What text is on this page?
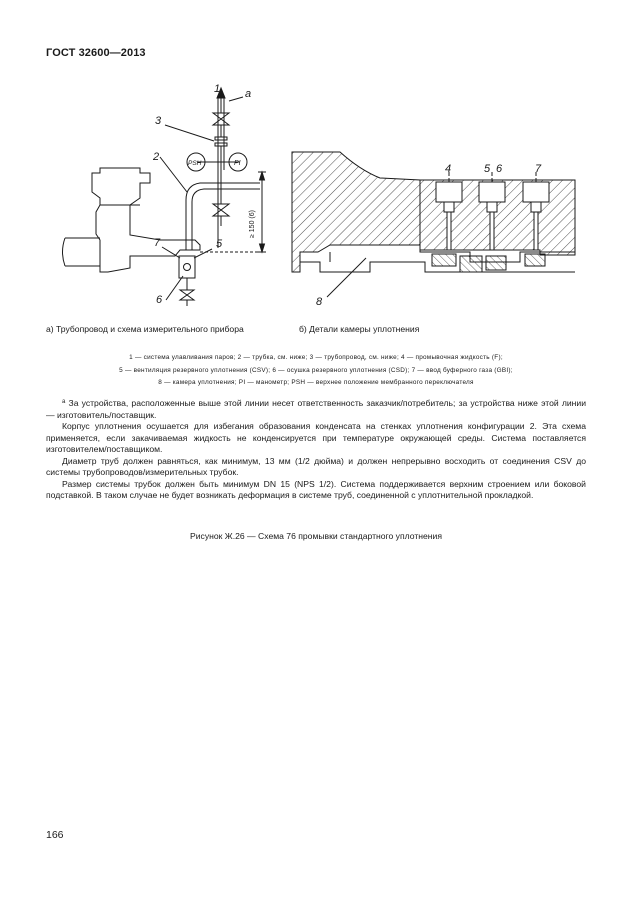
ГОСТ 32600—2013
1 a
3
2
PSH	PI
7	5
6
≥ 150 (6)
4	5 6	7
8
а) Трубопровод и схема измерительного прибора	б) Детали камеры уплотнения
1 — система улавливания паров; 2 — трубка, см. ниже; 3 — трубопровод, см. ниже; 4 — промывочная жидкость (F);
5 — вентиляция резервного уплотнения (CSV); 6 — осушка резервного уплотнения (CSD); 7 — ввод буферного газа (GBI);
8 — камера уплотнения; PI — манометр; PSH — верхнее положение мембранного переключателя

$^a$ За устройства, расположенные выше этой линии несет ответственность заказчик/потребитель; за устройства ниже этой линии — изготовитель/поставщик.

Корпус уплотнения осушается для избегания образования конденсата на стенках уплотнения конфигурации 2. Эта схема применяется, если закачиваемая жидкость не конденсируется при температуре окружающей среды. Система поставляется изготовителем/поставщиком.

Диаметр труб должен равняться, как минимум, 13 мм (1/2 дюйма) и должен непрерывно восходить от соединения CSV до системы трубопроводов/измерительных трубок.

Размер системы трубок должен быть минимум DN 15 (NPS 1/2). Система поддерживается верхним строением или боковой подставкой. В таком случае не будет возникать деформация в системе труб, соединенной с уплотнительной прокладкой.

Рисунок Ж.26 — Схема 76 промывки стандартного уплотнения
166
